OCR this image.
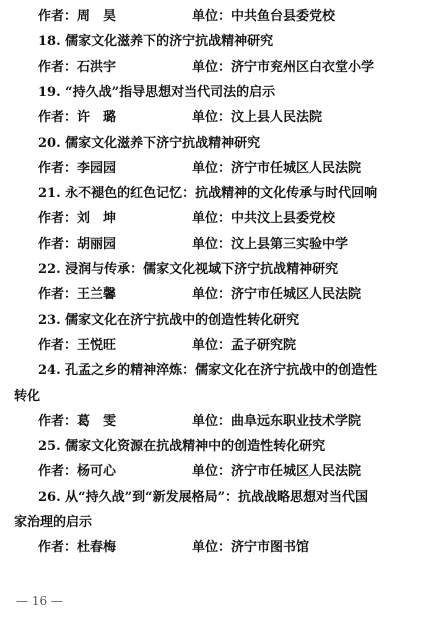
作者：周　昊	单位：中共鱼台县委党校
18. 儒家文化滋养下的济宁抗战精神研究
作者：石洪宇	单位：济宁市兖州区白衣堂小学
19. “持久战”指导思想对当代司法的启示
作者：许　璐	单位：汶上县人民法院
20. 儒家文化滋养下济宁抗战精神研究
作者：李园园	单位：济宁市任城区人民法院
21. 永不褪色的红色记忆：抗战精神的文化传承与时代回响
作者：刘　坤	单位：中共汶上县委党校
作者：胡丽园	单位：汶上县第三实验中学
22. 浸润与传承：儒家文化视域下济宁抗战精神研究
作者：王兰馨	单位：济宁市任城区人民法院
23. 儒家文化在济宁抗战中的创造性转化研究
作者：王悦旺	单位：孟子研究院
24. 孔孟之乡的精神淬炼：儒家文化在济宁抗战中的创造性
转化
作者：葛　雯	单位：曲阜远东职业技术学院
25. 儒家文化资源在抗战精神中的创造性转化研究
作者：杨可心	单位：济宁市任城区人民法院
26. 从“持久战”到“新发展格局”：抗战战略思想对当代国
家治理的启示
作者：杜春梅	单位：济宁市图书馆
— 16 —
